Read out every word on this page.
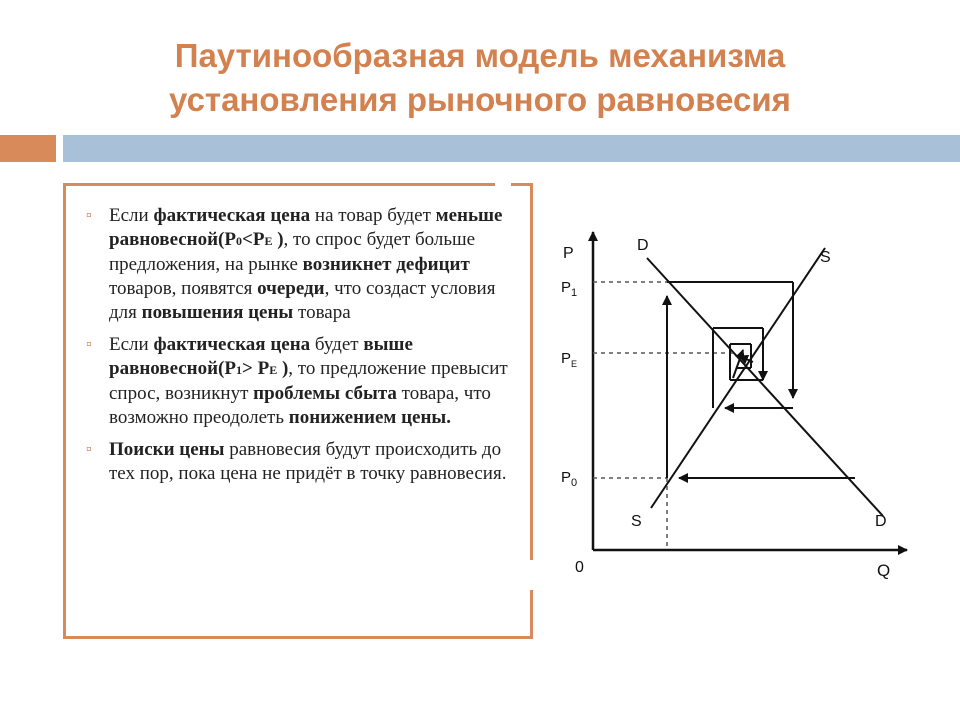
Паутинообразная модель механизма
установления рыночного равновесия
▫ Если фактическая цена на товар будет меньше равновесной(P0<PE ), то спрос будет больше предложения, на рынке возникнет дефицит товаров, появятся очереди, что создаст условия для повышения цены товара
▫ Если фактическая цена будет выше равновесной(P1> PE ), то предложение превысит спрос, возникнут проблемы сбыта товара, что возможно преодолеть понижением цены.
▫ Поиски цены равновесия будут происходить до тех пор, пока цена не придёт в точку равновесия.
P
Q
0
$P_1$
$P_E$
$P_0$
D
S
S	D
